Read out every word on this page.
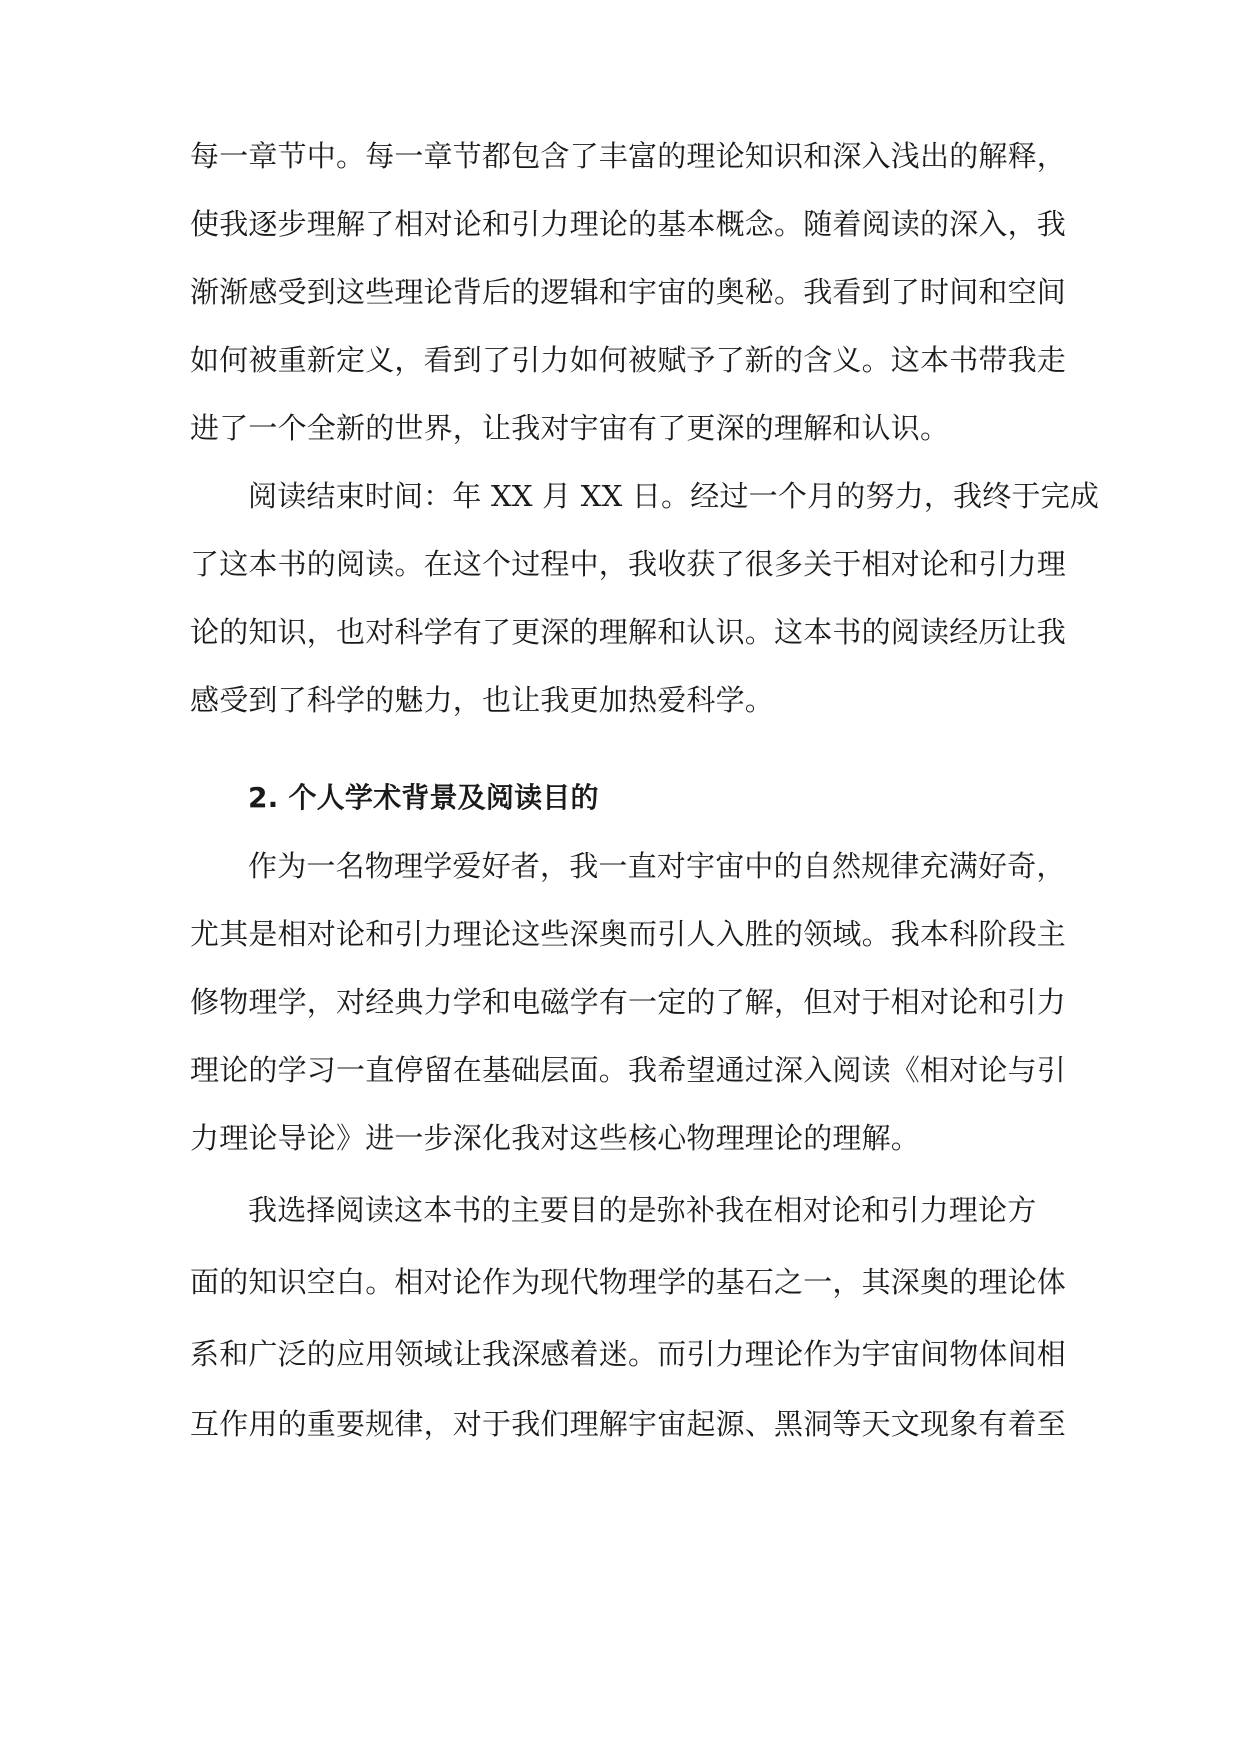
每一章节中。每一章节都包含了丰富的理论知识和深入浅出的解释，
使我逐步理解了相对论和引力理论的基本概念。随着阅读的深入，我
渐渐感受到这些理论背后的逻辑和宇宙的奥秘。我看到了时间和空间
如何被重新定义，看到了引力如何被赋予了新的含义。这本书带我走
进了一个全新的世界，让我对宇宙有了更深的理解和认识。
阅读结束时间：年 XX 月 XX 日。经过一个月的努力，我终于完成
了这本书的阅读。在这个过程中，我收获了很多关于相对论和引力理
论的知识，也对科学有了更深的理解和认识。这本书的阅读经历让我
感受到了科学的魅力，也让我更加热爱科学。
2. 个人学术背景及阅读目的
作为一名物理学爱好者，我一直对宇宙中的自然规律充满好奇，
尤其是相对论和引力理论这些深奥而引人入胜的领域。我本科阶段主
修物理学，对经典力学和电磁学有一定的了解，但对于相对论和引力
理论的学习一直停留在基础层面。我希望通过深入阅读《相对论与引
力理论导论》进一步深化我对这些核心物理理论的理解。
我选择阅读这本书的主要目的是弥补我在相对论和引力理论方
面的知识空白。相对论作为现代物理学的基石之一，其深奥的理论体
系和广泛的应用领域让我深感着迷。而引力理论作为宇宙间物体间相
互作用的重要规律，对于我们理解宇宙起源、黑洞等天文现象有着至
